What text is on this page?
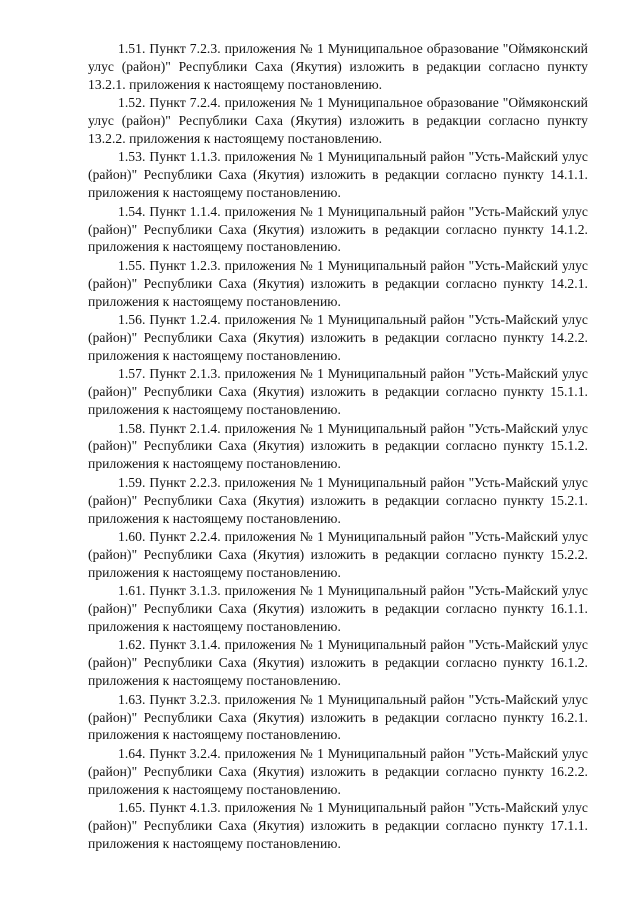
1.51. Пункт 7.2.3. приложения № 1 Муниципальное образование "Оймяконский улус (район)" Республики Саха (Якутия) изложить в редакции согласно пункту 13.2.1. приложения к настоящему постановлению.

1.52. Пункт 7.2.4. приложения № 1 Муниципальное образование "Оймяконский улус (район)" Республики Саха (Якутия) изложить в редакции согласно пункту 13.2.2. приложения к настоящему постановлению.

1.53. Пункт 1.1.3. приложения № 1 Муниципальный район "Усть-Майский улус (район)" Республики Саха (Якутия) изложить в редакции согласно пункту 14.1.1. приложения к настоящему постановлению.

1.54. Пункт 1.1.4. приложения № 1 Муниципальный район "Усть-Майский улус (район)" Республики Саха (Якутия) изложить в редакции согласно пункту 14.1.2. приложения к настоящему постановлению.

1.55. Пункт 1.2.3. приложения № 1 Муниципальный район "Усть-Майский улус (район)" Республики Саха (Якутия) изложить в редакции согласно пункту 14.2.1. приложения к настоящему постановлению.

1.56. Пункт 1.2.4. приложения № 1 Муниципальный район "Усть-Майский улус (район)" Республики Саха (Якутия) изложить в редакции согласно пункту 14.2.2. приложения к настоящему постановлению.

1.57. Пункт 2.1.3. приложения № 1 Муниципальный район "Усть-Майский улус (район)" Республики Саха (Якутия) изложить в редакции согласно пункту 15.1.1. приложения к настоящему постановлению.

1.58. Пункт 2.1.4. приложения № 1 Муниципальный район "Усть-Майский улус (район)" Республики Саха (Якутия) изложить в редакции согласно пункту 15.1.2. приложения к настоящему постановлению.

1.59. Пункт 2.2.3. приложения № 1 Муниципальный район "Усть-Майский улус (район)" Республики Саха (Якутия) изложить в редакции согласно пункту 15.2.1. приложения к настоящему постановлению.

1.60. Пункт 2.2.4. приложения № 1 Муниципальный район "Усть-Майский улус (район)" Республики Саха (Якутия) изложить в редакции согласно пункту 15.2.2. приложения к настоящему постановлению.

1.61. Пункт 3.1.3. приложения № 1 Муниципальный район "Усть-Майский улус (район)" Республики Саха (Якутия) изложить в редакции согласно пункту 16.1.1. приложения к настоящему постановлению.

1.62. Пункт 3.1.4. приложения № 1 Муниципальный район "Усть-Майский улус (район)" Республики Саха (Якутия) изложить в редакции согласно пункту 16.1.2. приложения к настоящему постановлению.

1.63. Пункт 3.2.3. приложения № 1 Муниципальный район "Усть-Майский улус (район)" Республики Саха (Якутия) изложить в редакции согласно пункту 16.2.1. приложения к настоящему постановлению.

1.64. Пункт 3.2.4. приложения № 1 Муниципальный район "Усть-Майский улус (район)" Республики Саха (Якутия) изложить в редакции согласно пункту 16.2.2. приложения к настоящему постановлению.

1.65. Пункт 4.1.3. приложения № 1 Муниципальный район "Усть-Майский улус (район)" Республики Саха (Якутия) изложить в редакции согласно пункту 17.1.1. приложения к настоящему постановлению.
